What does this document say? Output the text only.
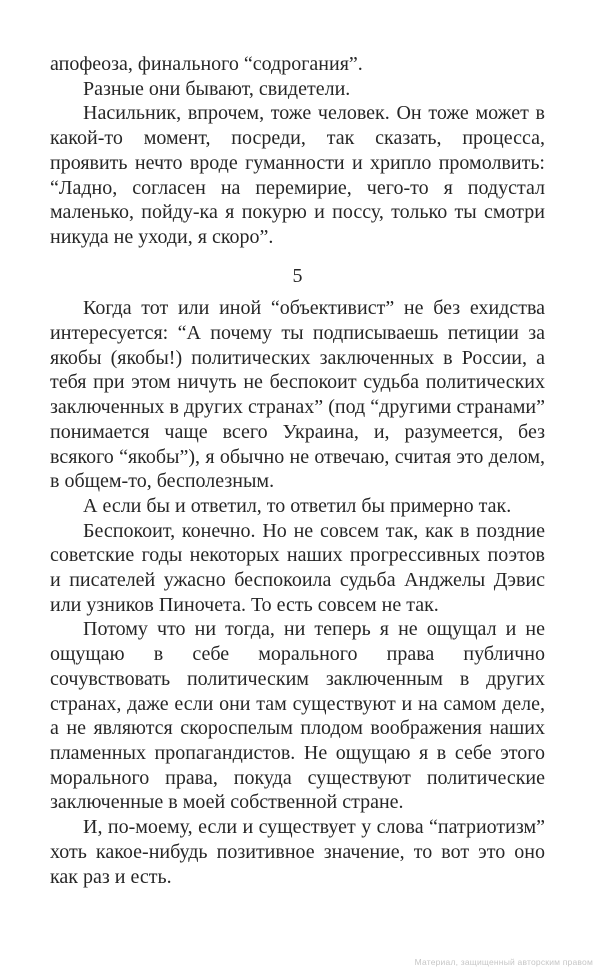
апофеоза, финального “содрогания”.

Разные они бывают, свидетели.

Насильник, впрочем, тоже человек. Он тоже может в какой-то момент, посреди, так сказать, процесса, проявить нечто вроде гуманности и хрипло промолвить: “Ладно, согласен на перемирие, чего-то я подустал маленько, пойду-ка я покурю и поссу, только ты смотри никуда не уходи, я скоро”.

5

Когда тот или иной “объективист” не без ехидства интересуется: “А почему ты подписываешь петиции за якобы (якобы!) политических заключенных в России, а тебя при этом ничуть не беспокоит судьба политических заключенных в других странах” (под “другими странами” понимается чаще всего Украина, и, разумеется, без всякого “якобы”), я обычно не отвечаю, считая это делом, в общем-то, бесполезным.

А если бы и ответил, то ответил бы примерно так.

Беспокоит, конечно. Но не совсем так, как в поздние советские годы некоторых наших прогрессивных поэтов и писателей ужасно беспокоила судьба Анджелы Дэвис или узников Пиночета. То есть совсем не так.

Потому что ни тогда, ни теперь я не ощущал и не ощущаю в себе морального права публично сочувствовать политическим заключенным в других странах, даже если они там существуют и на самом деле, а не являются скороспелым плодом воображения наших пламенных пропагандистов. Не ощущаю я в себе этого морального права, покуда существуют политические заключенные в моей собственной стране.

И, по-моему, если и существует у слова “патриотизм” хоть какое-нибудь позитивное значение, то вот это оно как раз и есть.

Материал, защищенный авторским правом
